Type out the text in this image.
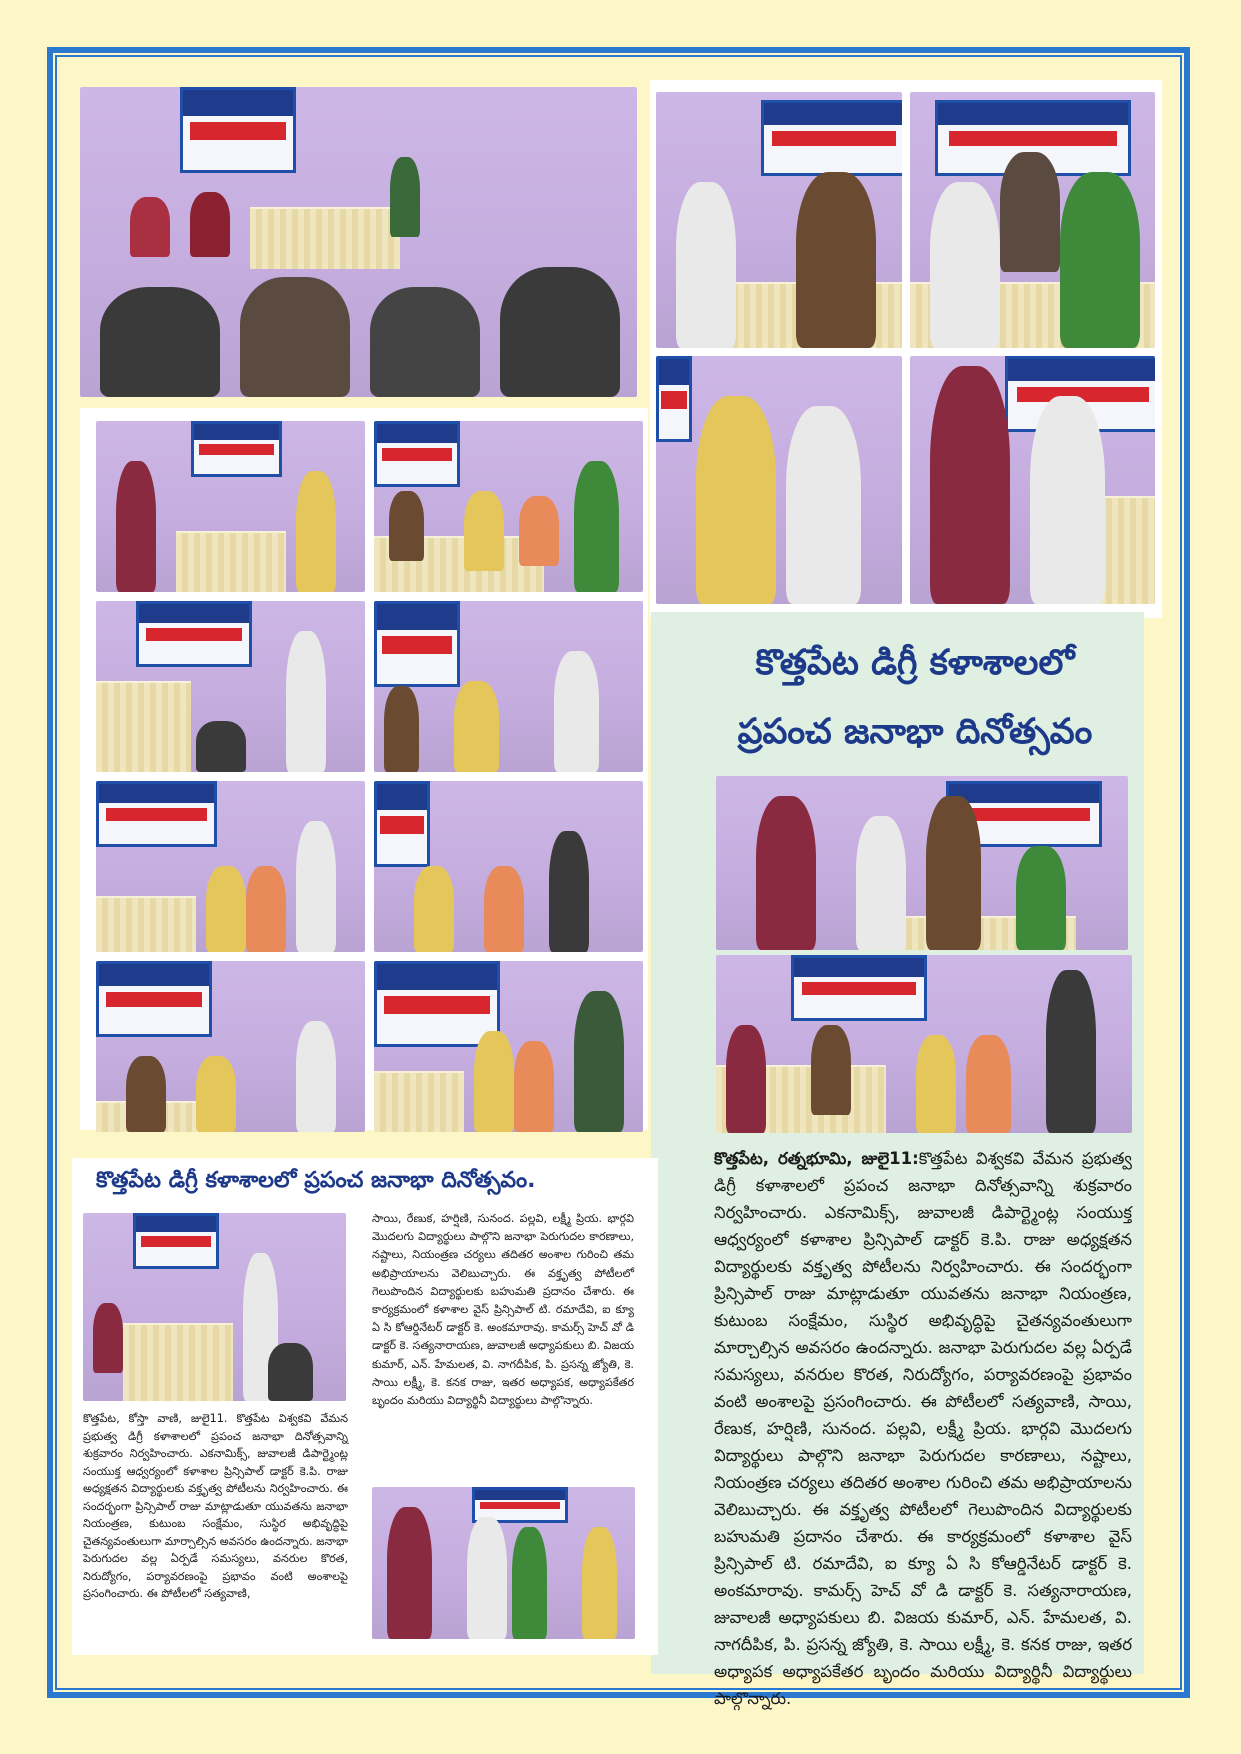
కొత్తపేట డిగ్రీ కళాశాలలో
ప్రపంచ జనాభా దినోత్సవం
కొత్తపేట, రత్నభూమి, జులై11:కొత్తపేట విశ్వకవి వేమన ప్రభుత్వ డిగ్రీ కళాశాలలో ప్రపంచ జనాభా దినోత్సవాన్ని శుక్రవారం నిర్వహించారు. ఎకనామిక్స్, జువాలజీ డిపార్ట్మెంట్ల సంయుక్త ఆధ్వర్యంలో కళాశాల ప్రిన్సిపాల్ డాక్టర్ కె.పి. రాజు అధ్యక్షతన విద్యార్థులకు వక్తృత్వ పోటీలను నిర్వహించారు. ఈ సందర్భంగా ప్రిన్సిపాల్ రాజు మాట్లాడుతూ యువతను జనాభా నియంత్రణ, కుటుంబ సంక్షేమం, సుస్థిర అభివృద్ధిపై చైతన్యవంతులుగా మార్చాల్సిన అవసరం ఉందన్నారు. జనాభా పెరుగుదల వల్ల ఏర్పడే సమస్యలు, వనరుల కొరత, నిరుద్యోగం, పర్యావరణంపై ప్రభావం వంటి అంశాలపై ప్రసంగించారు. ఈ పోటీలలో సత్యవాణి, సాయి, రేణుక, హర్షిణి, సునంద. పల్లవి, లక్ష్మీ ప్రియ. భార్గవి మొదలగు విద్యార్థులు పాల్గొని జనాభా పెరుగుదల కారణాలు, నష్టాలు, నియంత్రణ చర్యలు తదితర అంశాల గురించి తమ అభిప్రాయాలను వెలిబుచ్చారు. ఈ వక్తృత్వ పోటీలలో గెలుపొందిన విద్యార్థులకు బహుమతి ప్రదానం చేశారు. ఈ కార్యక్రమంలో కళాశాల వైస్ ప్రిన్సిపాల్ టి. రమాదేవి, ఐ క్యూ ఏ సి కోఆర్డినేటర్ డాక్టర్ కె. అంకమారావు. కామర్స్ హెచ్ వో డి డాక్టర్ కె. సత్యనారాయణ, జువాలజీ అధ్యాపకులు బి. విజయ కుమార్, ఎన్. హేమలత, వి. నాగదీపిక, పి. ప్రసన్న జ్యోతి, కె. సాయి లక్ష్మీ, కె. కనక రాజు, ఇతర అధ్యాపక అధ్యాపకేతర బృందం మరియు విద్యార్థినీ విద్యార్థులు పాల్గొన్నారు.
కొత్తపేట డిగ్రీ కళాశాలలో ప్రపంచ జనాభా దినోత్సవం.
కొత్తపేట, కోస్తా వాణి, జులై11. కొత్తపేట విశ్వకవి వేమన ప్రభుత్వ డిగ్రీ కళాశాలలో ప్రపంచ జనాభా దినోత్సవాన్ని శుక్రవారం నిర్వహించారు. ఎకనామిక్స్, జువాలజీ డిపార్ట్మెంట్ల సంయుక్త ఆధ్వర్యంలో కళాశాల ప్రిన్సిపాల్ డాక్టర్ కె.పి. రాజు అధ్యక్షతన విద్యార్థులకు వక్తృత్వ పోటీలను నిర్వహించారు. ఈ సందర్భంగా ప్రిన్సిపాల్ రాజు మాట్లాడుతూ యువతను జనాభా నియంత్రణ, కుటుంబ సంక్షేమం, సుస్థిర అభివృద్ధిపై చైతన్యవంతులుగా మార్చాల్సిన అవసరం ఉందన్నారు. జనాభా పెరుగుదల వల్ల ఏర్పడే సమస్యలు, వనరుల కొరత, నిరుద్యోగం, పర్యావరణంపై ప్రభావం వంటి అంశాలపై ప్రసంగించారు. ఈ పోటీలలో సత్యవాణి,
సాయి, రేణుక, హర్షిణి, సునంద. పల్లవి, లక్ష్మీ ప్రియ. భార్గవి మొదలగు విద్యార్థులు పాల్గొని జనాభా పెరుగుదల కారణాలు, నష్టాలు, నియంత్రణ చర్యలు తదితర అంశాల గురించి తమ అభిప్రాయాలను వెలిబుచ్చారు. ఈ వక్తృత్వ పోటీలలో గెలుపొందిన విద్యార్థులకు బహుమతి ప్రదానం చేశారు. ఈ కార్యక్రమంలో కళాశాల వైస్ ప్రిన్సిపాల్ టి. రమాదేవి, ఐ క్యూ ఏ సి కోఆర్డినేటర్ డాక్టర్ కె. అంకమారావు. కామర్స్ హెచ్ వో డి డాక్టర్ కె. సత్యనారాయణ, జువాలజీ అధ్యాపకులు బి. విజయ కుమార్, ఎన్. హేమలత, వి. నాగదీపిక, పి. ప్రసన్న జ్యోతి, కె. సాయి లక్ష్మీ, కె. కనక రాజు, ఇతర అధ్యాపక, అధ్యాపకేతర బృందం మరియు విద్యార్థినీ విద్యార్థులు పాల్గొన్నారు.
